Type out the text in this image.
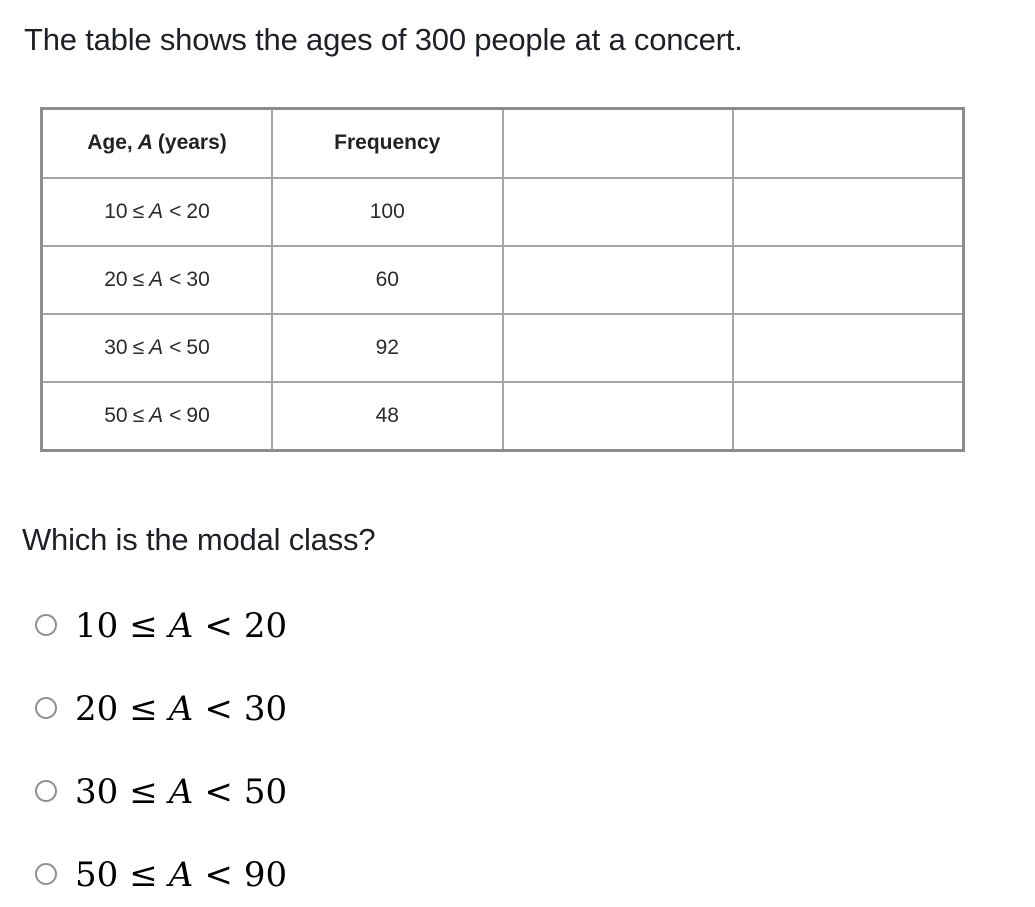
The table shows the ages of 300 people at a concert.

Age, A (years)	Frequency		
10 ≤ A < 20	100		
20 ≤ A < 30	60		
30 ≤ A < 50	92		
50 ≤ A < 90	48		

Which is the modal class?

10 ≤ A < 20
20 ≤ A < 30
30 ≤ A < 50
50 ≤ A < 90
